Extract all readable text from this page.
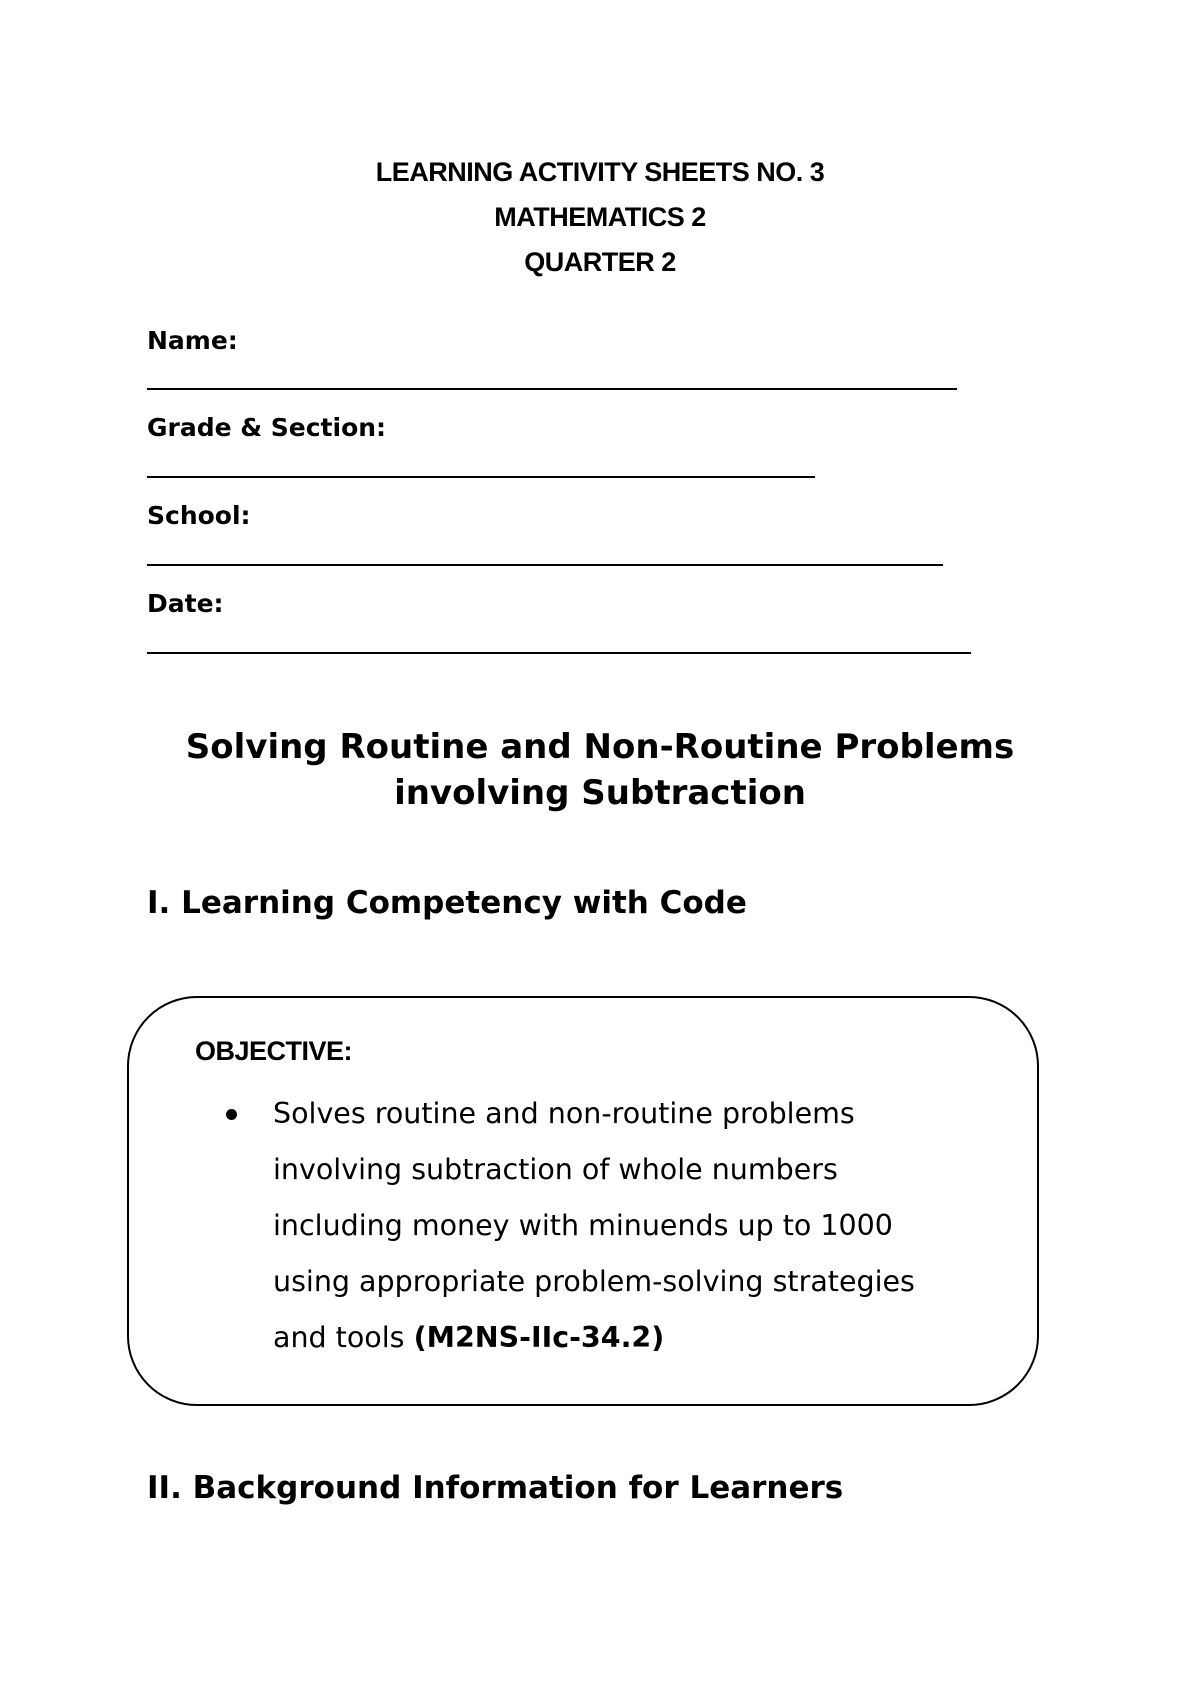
LEARNING ACTIVITY SHEETS NO. 3
MATHEMATICS 2
QUARTER 2
Name:
Grade & Section:
School:
Date:
Solving Routine and Non-Routine Problems
involving Subtraction
I. Learning Competency with Code
OBJECTIVE:
Solves routine and non-routine problems
involving subtraction of whole numbers
including money with minuends up to 1000
using appropriate problem-solving strategies
and tools (M2NS-IIc-34.2)
II. Background Information for Learners
